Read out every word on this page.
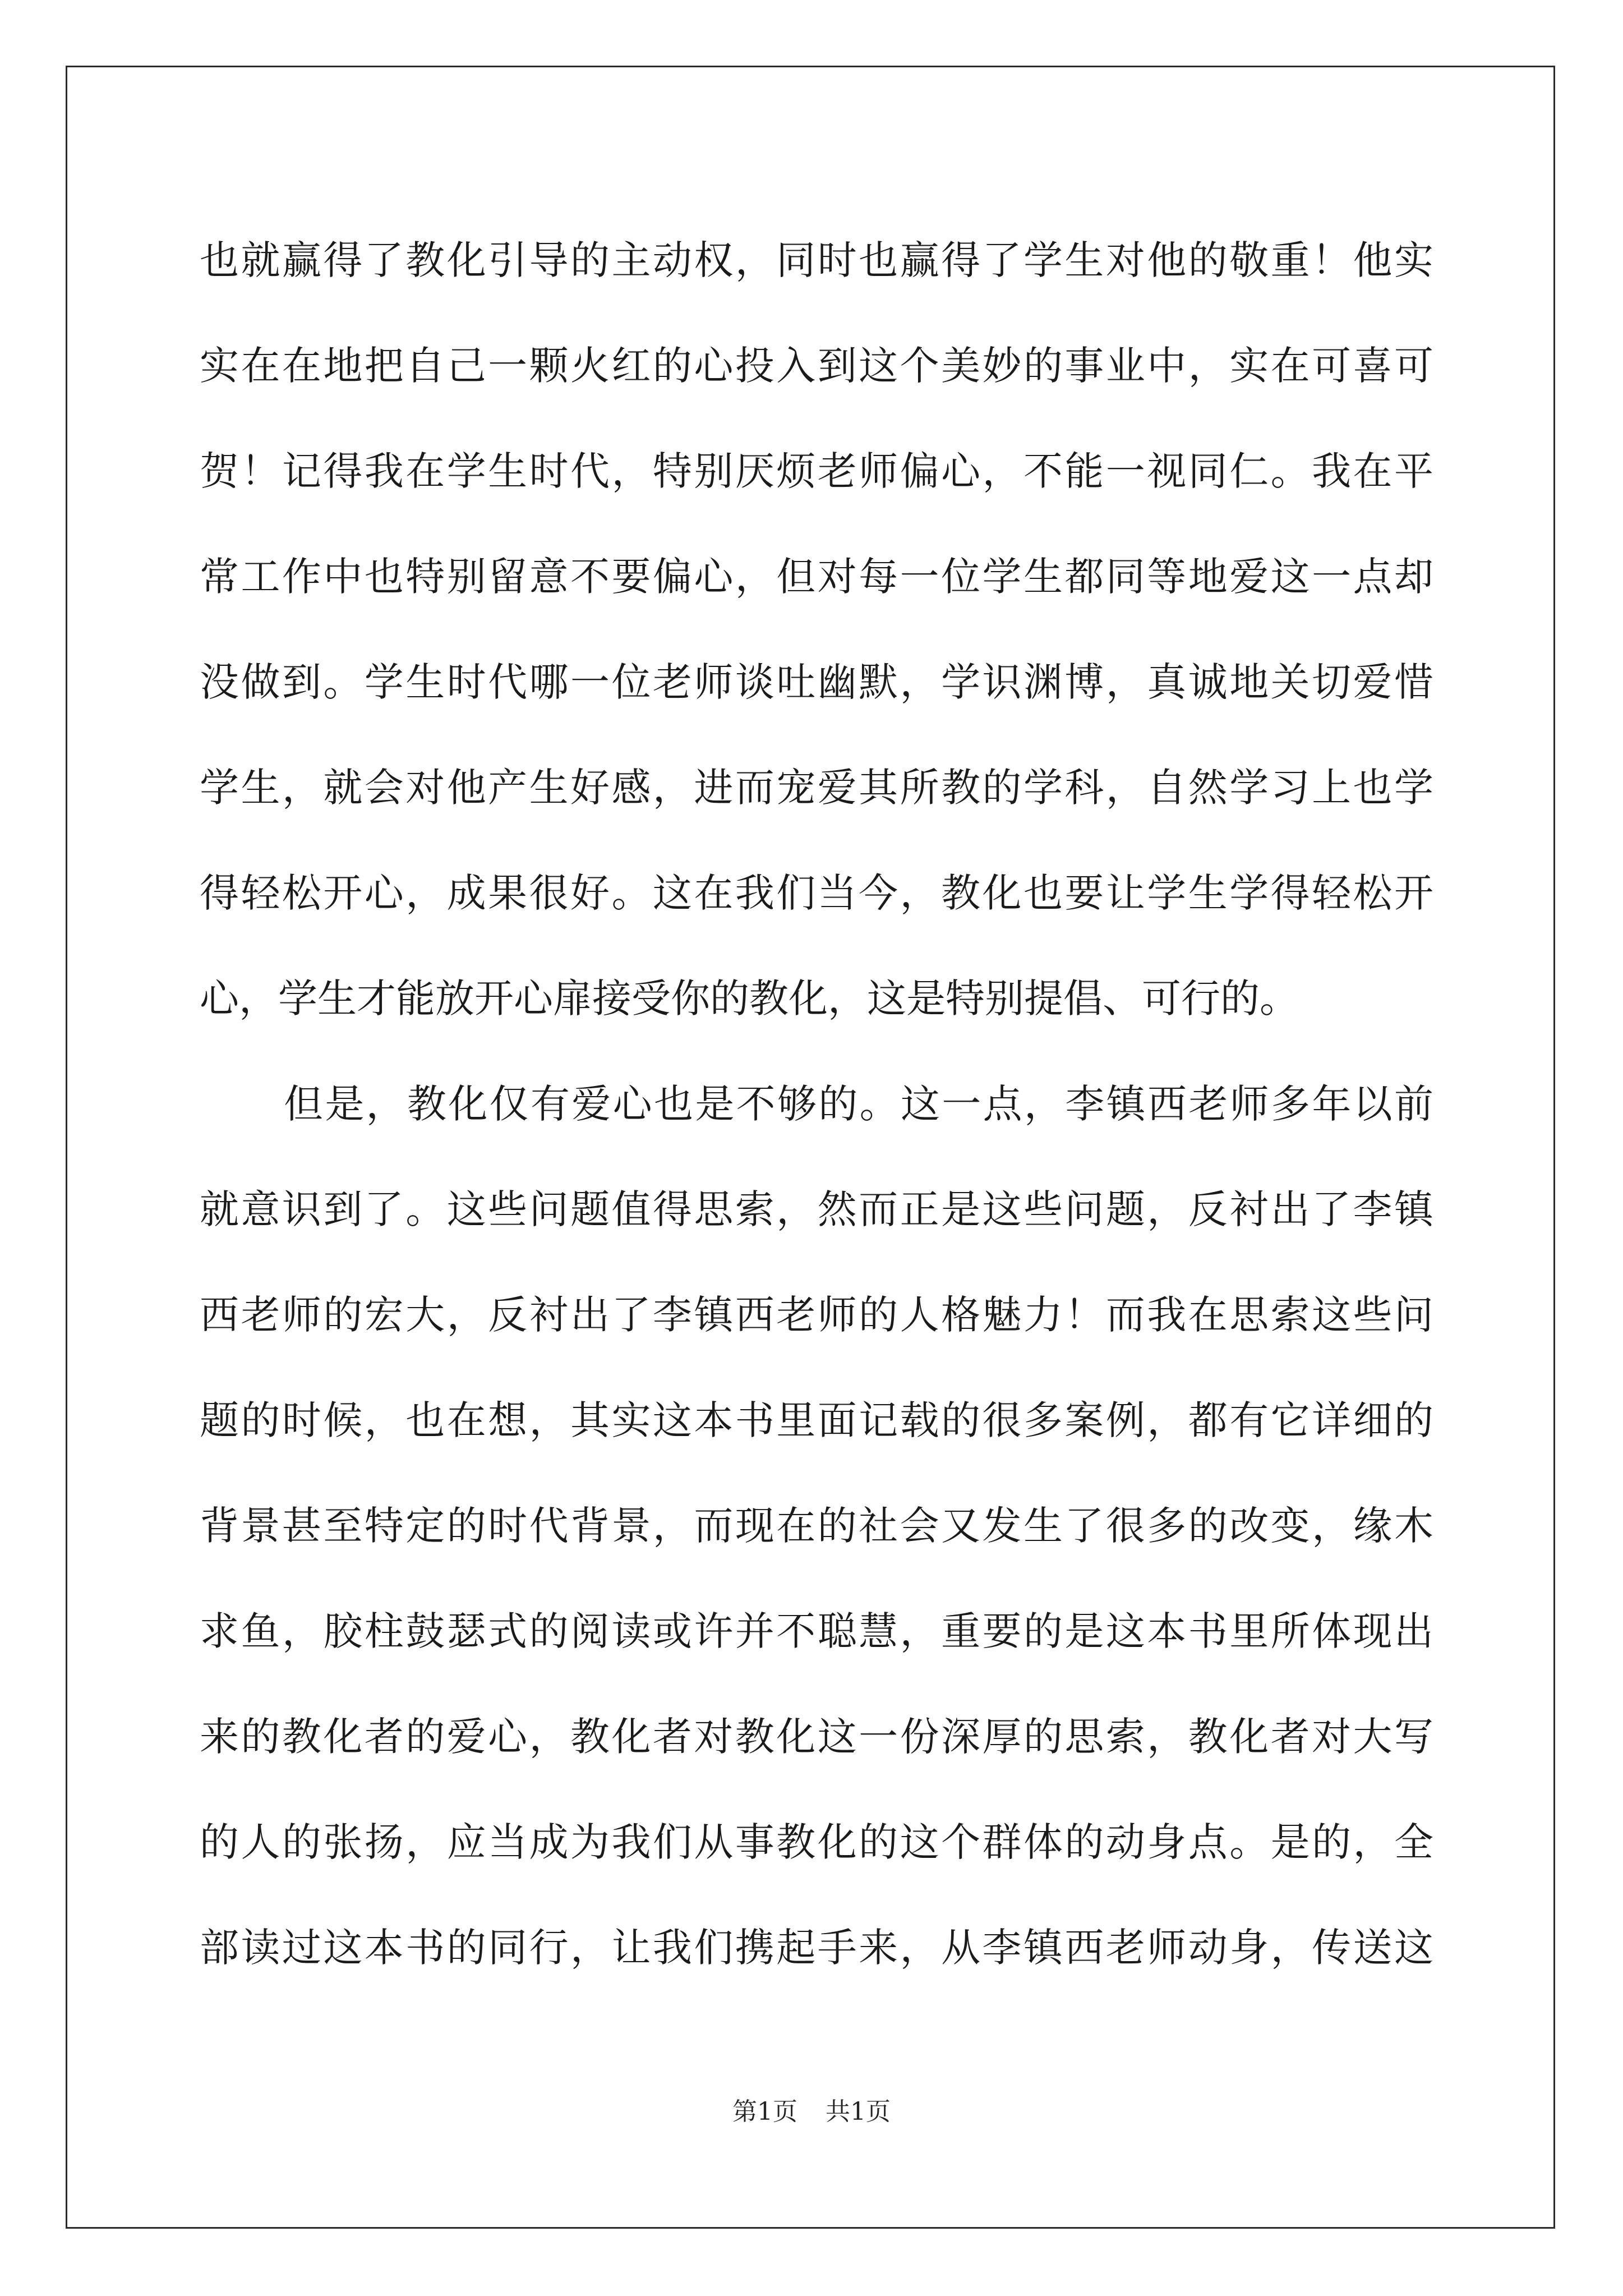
也就赢得了教化引导的主动权，同时也赢得了学生对他的敬重！他实
实在在地把自己一颗火红的心投入到这个美妙的事业中，实在可喜可
贺！记得我在学生时代，特别厌烦老师偏心，不能一视同仁。我在平
常工作中也特别留意不要偏心，但对每一位学生都同等地爱这一点却
没做到。学生时代哪一位老师谈吐幽默，学识渊博，真诚地关切爱惜
学生，就会对他产生好感，进而宠爱其所教的学科，自然学习上也学
得轻松开心，成果很好。这在我们当今，教化也要让学生学得轻松开
心，学生才能放开心扉接受你的教化，这是特别提倡、可行的。
但是，教化仅有爱心也是不够的。这一点，李镇西老师多年以前
就意识到了。这些问题值得思索，然而正是这些问题，反衬出了李镇
西老师的宏大，反衬出了李镇西老师的人格魅力！而我在思索这些问
题的时候，也在想，其实这本书里面记载的很多案例，都有它详细的
背景甚至特定的时代背景，而现在的社会又发生了很多的改变，缘木
求鱼，胶柱鼓瑟式的阅读或许并不聪慧，重要的是这本书里所体现出
来的教化者的爱心，教化者对教化这一份深厚的思索，教化者对大写
的人的张扬，应当成为我们从事教化的这个群体的动身点。是的，全
部读过这本书的同行，让我们携起手来，从李镇西老师动身，传送这
第1页 共1页
